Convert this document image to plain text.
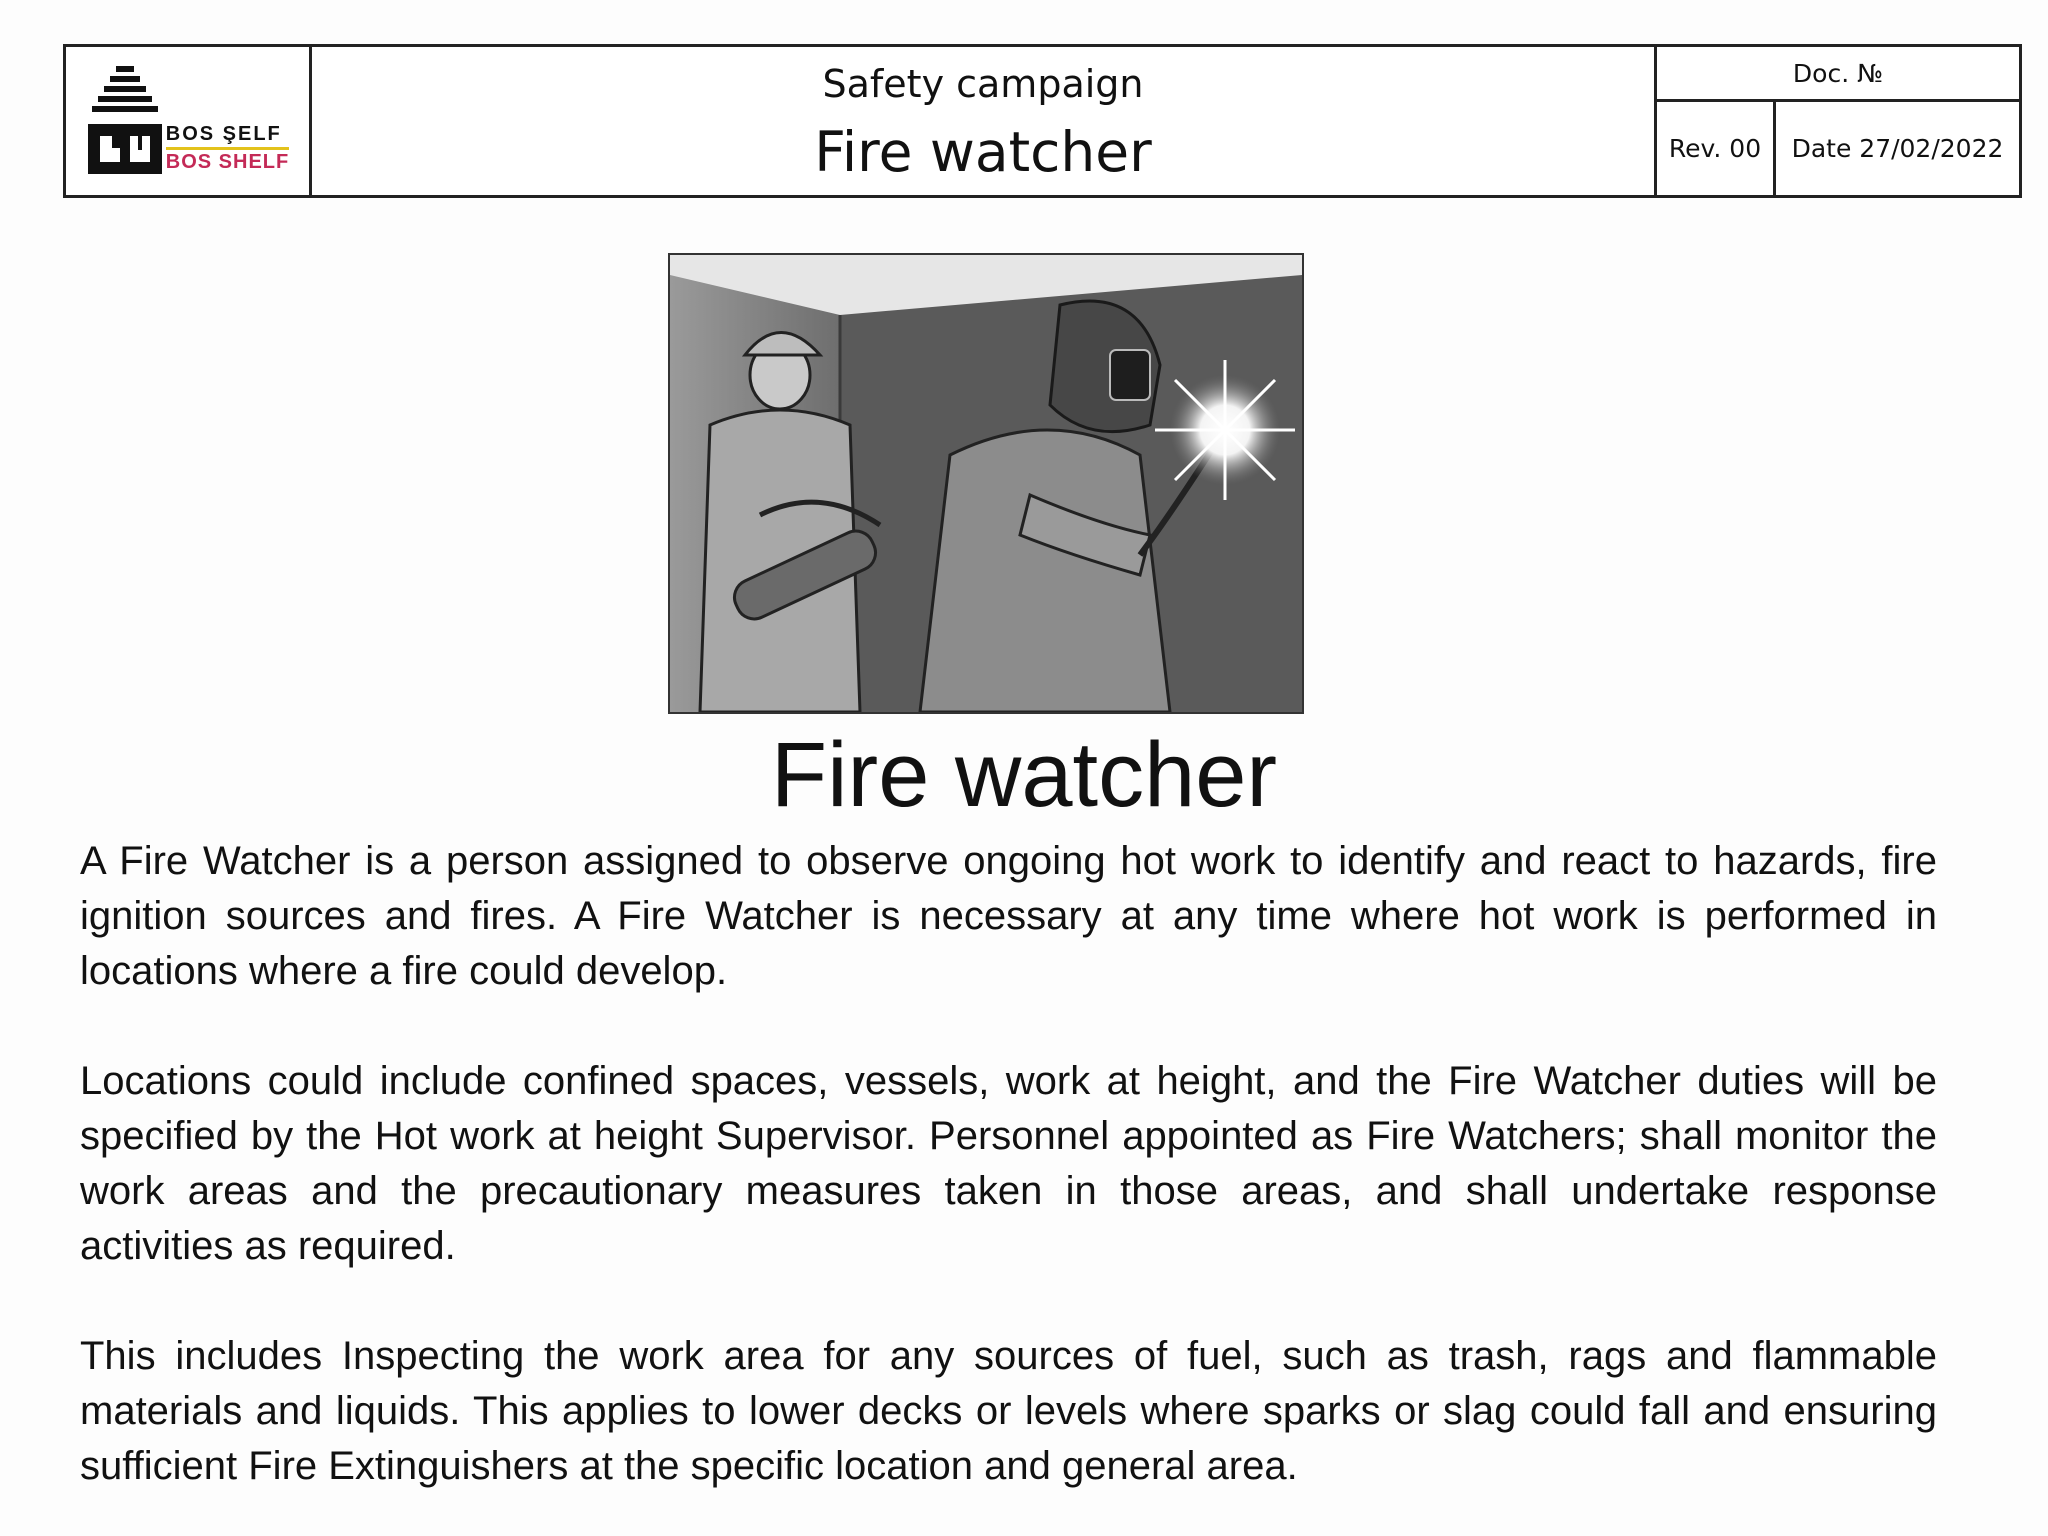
BOS ŞELF
BOS SHELF
Safety campaign
Fire watcher
Doc. №
Rev. 00	Date 27/02/2022
Fire watcher

A Fire Watcher is a person assigned to observe ongoing hot work to identify and react to hazards, fire ignition sources and fires. A Fire Watcher is necessary at any time where hot work is performed in locations where a fire could develop.

Locations could include confined spaces, vessels, work at height, and the Fire Watcher duties will be specified by the Hot work at height Supervisor. Personnel appointed as Fire Watchers; shall monitor the work areas and the precautionary measures taken in those areas, and shall undertake response activities as required.

This includes Inspecting the work area for any sources of fuel, such as trash, rags and flammable materials and liquids. This applies to lower decks or levels where sparks or slag could fall and ensuring sufficient Fire Extinguishers at the specific location and general area.
